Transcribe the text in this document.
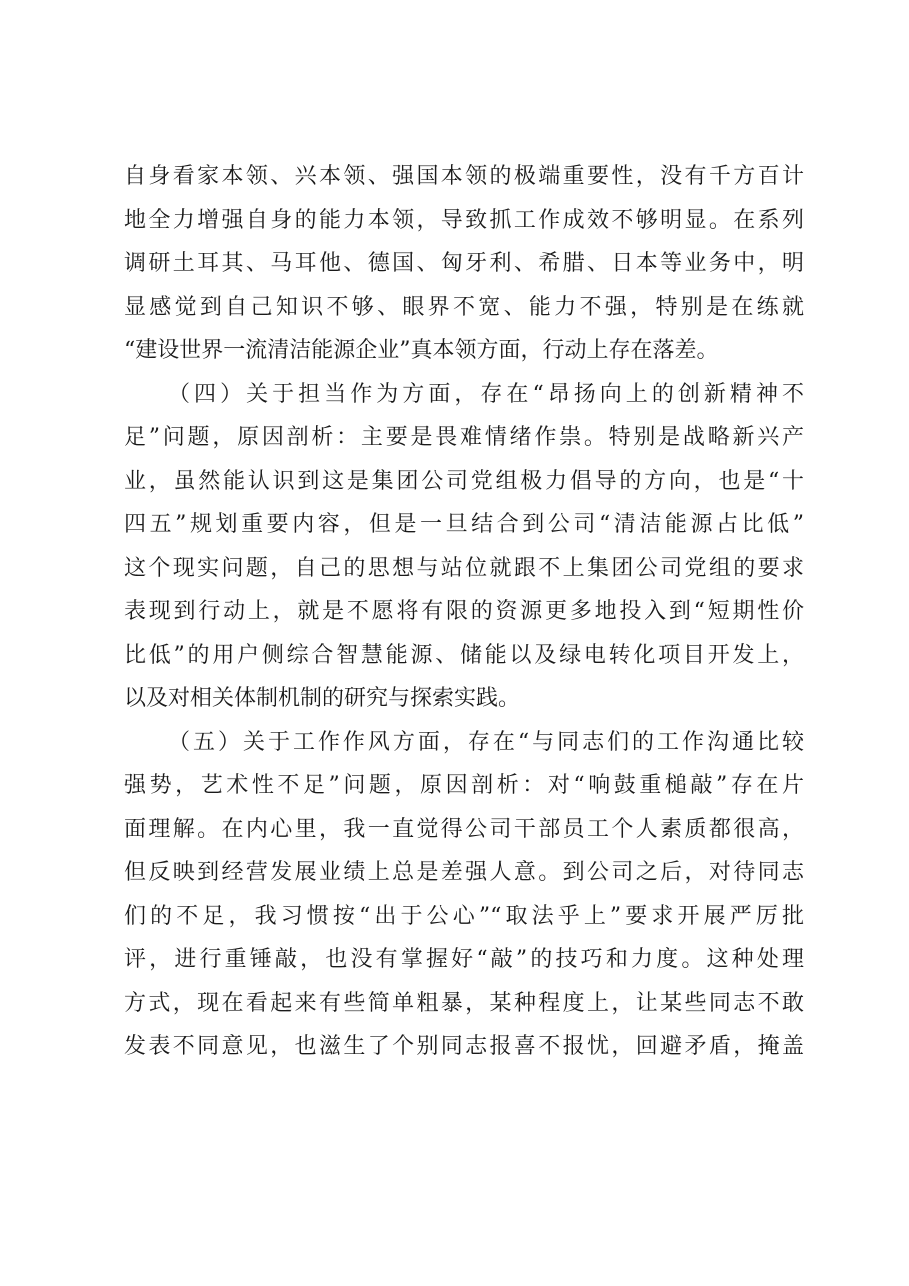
自身看家本领、兴本领、强国本领的极端重要性，没有千方百计
地全力增强自身的能力本领，导致抓工作成效不够明显。在系列
调研土耳其、马耳他、德国、匈牙利、希腊、日本等业务中，明
显感觉到自己知识不够、眼界不宽、能力不强，特别是在练就
“建设世界一流清洁能源企业”真本领方面，行动上存在落差。
（四）关于担当作为方面，存在“昂扬向上的创新精神不
足”问题，原因剖析：主要是畏难情绪作祟。特别是战略新兴产
业，虽然能认识到这是集团公司党组极力倡导的方向，也是“十
四五”规划重要内容，但是一旦结合到公司“清洁能源占比低”
这个现实问题，自己的思想与站位就跟不上集团公司党组的要求
表现到行动上，就是不愿将有限的资源更多地投入到“短期性价
比低”的用户侧综合智慧能源、储能以及绿电转化项目开发上，
以及对相关体制机制的研究与探索实践。
（五）关于工作作风方面，存在“与同志们的工作沟通比较
强势，艺术性不足”问题，原因剖析：对“响鼓重槌敲”存在片
面理解。在内心里，我一直觉得公司干部员工个人素质都很高，
但反映到经营发展业绩上总是差强人意。到公司之后，对待同志
们的不足，我习惯按“出于公心”“取法乎上”要求开展严厉批
评，进行重锤敲，也没有掌握好“敲”的技巧和力度。这种处理
方式，现在看起来有些简单粗暴，某种程度上，让某些同志不敢
发表不同意见，也滋生了个别同志报喜不报忧，回避矛盾，掩盖
